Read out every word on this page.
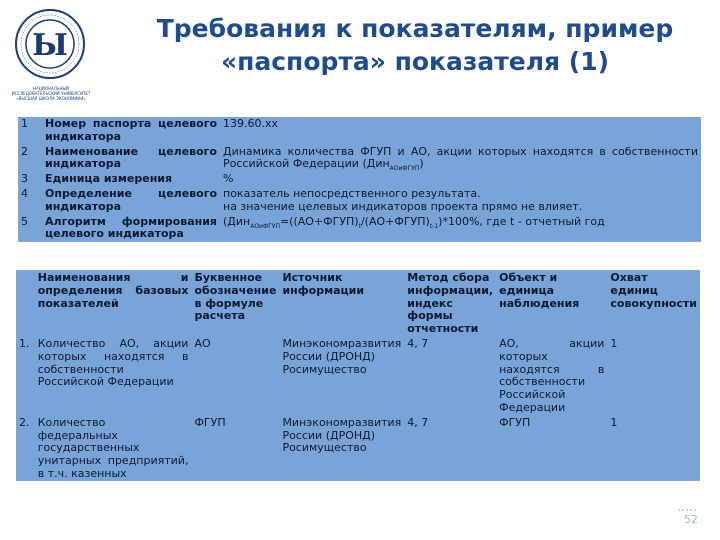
Ы
НАЦИОНАЛЬНЫЙ ИССЛЕДОВАТЕЛЬСКИЙ УНИВЕРСИТЕТ
«ВЫСШАЯ ШКОЛА ЭКОНОМИКИ»
Требования к показателям, пример
«паспорта» показателя (1)
1	Номер паспорта целевого индикатора	139.60.xx
2	Наименование целевого индикатора	Динамика количества ФГУП и АО, акции которых находятся в собственности Российской Федерации (Дин$_{АОиФГУП}$)
3	Единица измерения	%
4	Определение целевого индикатора	показатель непосредственного результата.
на значение целевых индикаторов проекта прямо не влияет.

5	Алгоритм формирования целевого индикатора	($Дин_{АОиФГУП}=((АО+ФГУП)_t/(АО+ФГУП)_{t-1})*100\%$, где t - отчетный год
	Наименования и определения базовых показателей	Буквенное обозначение в формуле расчета	Источник информации	Метод сбора информации, индекс формы отчетности	Объект и единица наблюдения	Охват единиц совокупности
1.	Количество АО, акции которых находятся в собственности Российской Федерации	АО	Минэкономразвития России (ДРОНД) Росимущество	4, 7	АО, акции которых находятся в собственности Российской Федерации	1
2.	Количество федеральных государственных унитарных предприятий, в т.ч. казенных	ФГУП	Минэкономразвития России (ДРОНД) Росимущество	4, 7	ФГУП	1
52
